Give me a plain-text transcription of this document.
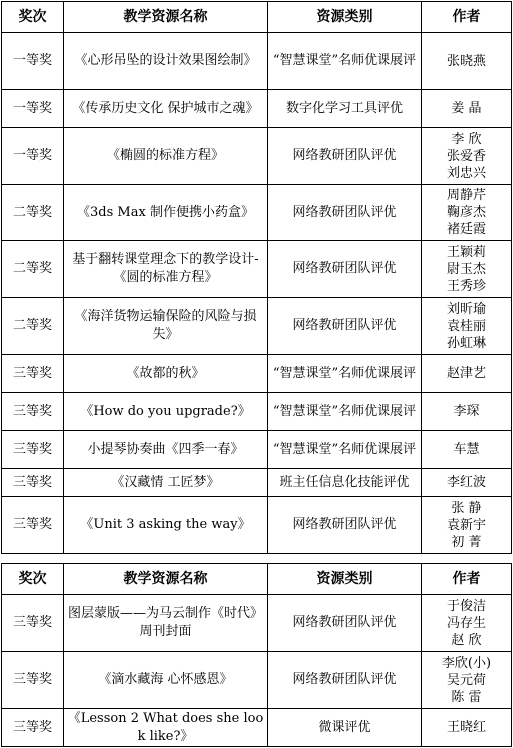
奖次	教学资源名称	资源类别	作者
一等奖	《心形吊坠的设计效果图绘制》	“智慧课堂”名师优课展评	张晓燕

一等奖	《传承历史文化 保护城市之魂》	数字化学习工具评优	姜 晶

一等奖	《椭圆的标准方程》	网络教研团队评优	李 欣
张爱香
刘忠兴

二等奖	《3ds Max 制作便携小药盒》	网络教研团队评优	周静芹
鞠彦杰
褚廷霞

二等奖	基于翻转课堂理念下的教学设计-《圆的标准方程》	网络教研团队评优	王颖莉
尉玉杰
王秀珍

二等奖	《海洋货物运输保险的风险与损失》	网络教研团队评优	刘昕瑜
袁桂丽
孙虹琳

三等奖	《故都的秋》	“智慧课堂”名师优课展评	赵津艺

三等奖	《How do you upgrade?》	“智慧课堂”名师优课展评	李琛

三等奖	小提琴协奏曲《四季一春》	“智慧课堂”名师优课展评	车慧

三等奖	《汉藏情 工匠梦》	班主任信息化技能评优	李红波

三等奖	《Unit 3 asking the way》	网络教研团队评优	张 静
袁新宇
初 菁
奖次	教学资源名称	资源类别	作者
三等奖	图层蒙版——为马云制作《时代》周刊封面	网络教研团队评优	于俊洁
冯存生
赵 欣

三等奖	《滴水藏海 心怀感恩》	网络教研团队评优	李欣(小)
吴元荷
陈 雷

三等奖	《Lesson 2 What does she look like?》	微课评优	王晓红
